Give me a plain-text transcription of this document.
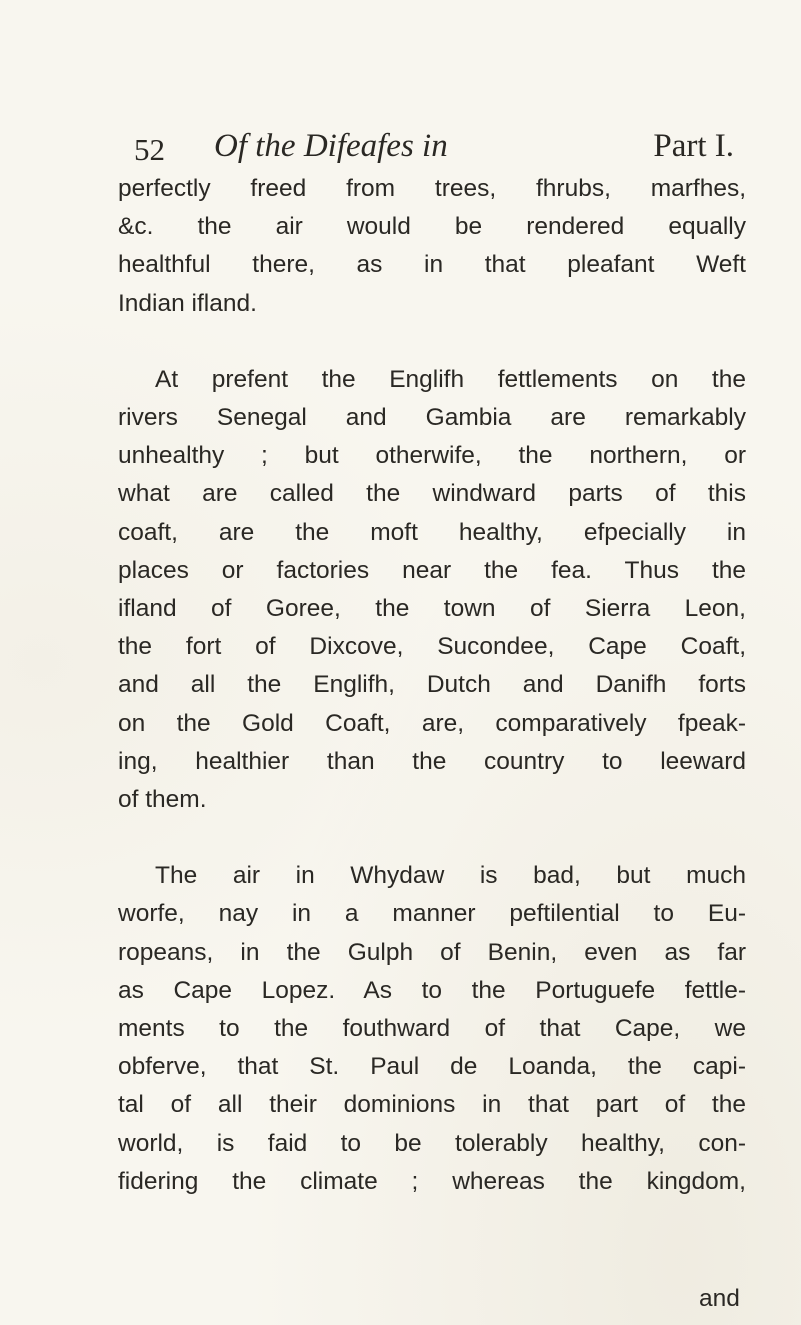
52 Of the Difeafes in	Part I.

perfectly freed from trees, fhrubs, marfhes,
&c. the air would be rendered equally
healthful there, as in that pleafant Weft
Indian ifland.

At prefent the Englifh fettlements on the
rivers Senegal and Gambia are remarkably
unhealthy ; but otherwife, the northern, or
what are called the windward parts of this
coaft, are the moft healthy, efpecially in
places or factories near the fea. Thus the
ifland of Goree, the town of Sierra Leon,
the fort of Dixcove, Sucondee, Cape Coaft,
and all the Englifh, Dutch and Danifh forts
on the Gold Coaft, are, comparatively fpeak-
ing, healthier than the country to leeward
of them.

The air in Whydaw is bad, but much
worfe, nay in a manner peftilential to Eu-
ropeans, in the Gulph of Benin, even as far
as Cape Lopez. As to the Portuguefe fettle-
ments to the fouthward of that Cape, we
obferve, that St. Paul de Loanda, the capi-
tal of all their dominions in that part of the
world, is faid to be tolerably healthy, con-
fidering the climate ; whereas the kingdom,

and
